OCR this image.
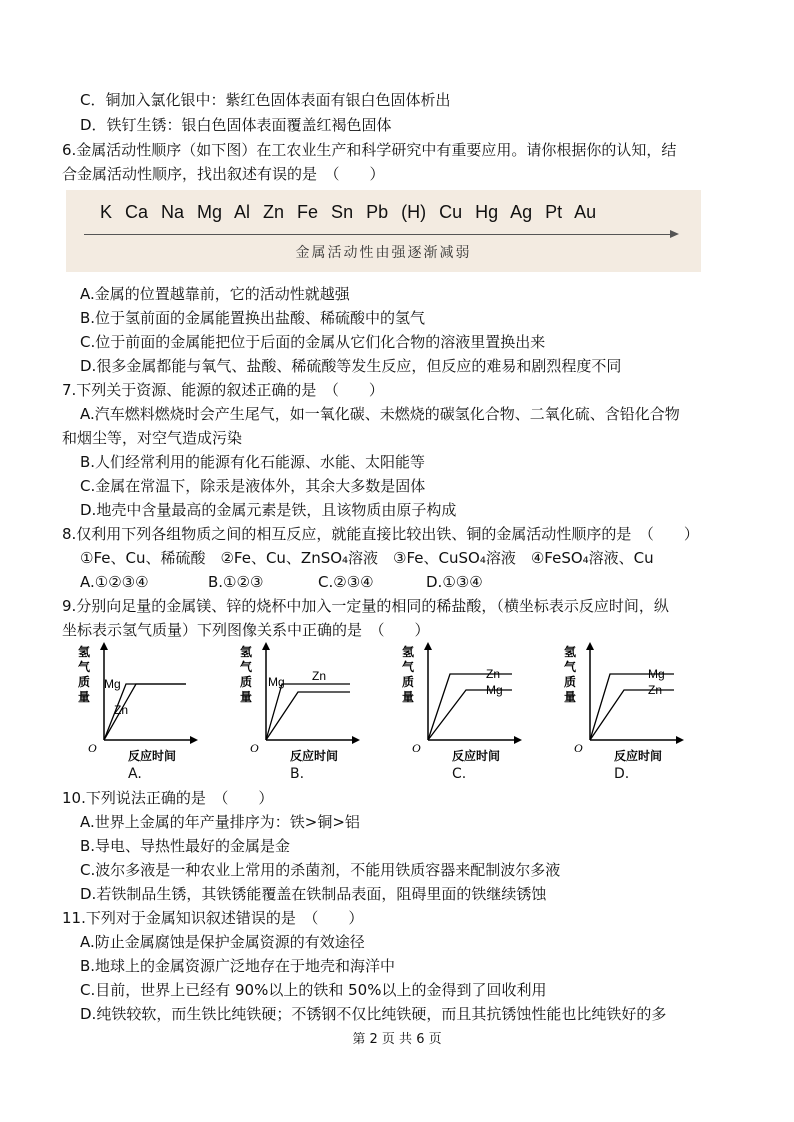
C．铜加入氯化银中：紫红色固体表面有银白色固体析出
D．铁钉生锈：银白色固体表面覆盖红褐色固体
6.金属活动性顺序（如下图）在工农业生产和科学研究中有重要应用。请你根据你的认知，结
合金属活动性顺序，找出叙述有误的是　（　　）
K Ca Na Mg Al Zn Fe Sn Pb (H) Cu Hg Ag Pt Au
金属活动性由强逐渐减弱
A.金属的位置越靠前，它的活动性就越强
B.位于氢前面的金属能置换出盐酸、稀硫酸中的氢气
C.位于前面的金属能把位于后面的金属从它们化合物的溶液里置换出来
D.很多金属都能与氧气、盐酸、稀硫酸等发生反应，但反应的难易和剧烈程度不同
7.下列关于资源、能源的叙述正确的是　（　　）
A.汽车燃料燃烧时会产生尾气，如一氧化碳、未燃烧的碳氢化合物、二氧化硫、含铅化合物
和烟尘等，对空气造成污染
B.人们经常利用的能源有化石能源、水能、太阳能等
C.金属在常温下，除汞是液体外，其余大多数是固体
D.地壳中含量最高的金属元素是铁，且该物质由原子构成
8.仅利用下列各组物质之间的相互反应，就能直接比较出铁、铜的金属活动性顺序的是　（　　）
①Fe、Cu、稀硫酸　②Fe、Cu、ZnSO₄溶液　③Fe、CuSO₄溶液　④FeSO₄溶液、Cu
A.①②③④	B.①②③	C.②③④	D.①③④
9.分别向足量的金属镁、锌的烧杯中加入一定量的相同的稀盐酸，（横坐标表示反应时间，纵
坐标表示氢气质量）下列图像关系中正确的是　（　　）
Mg
Zn
O
氢
气
质
量
反应时间
A.
Mg Zn
O
氢
气
质
量
反应时间
B.
Zn
Mg
O
氢
气
质
量
反应时间
C.
Mg
Zn
O
氢
气
质
量
反应时间
D.
10.下列说法正确的是　（　　）
A.世界上金属的年产量排序为：铁>铜>铝
B.导电、导热性最好的金属是金
C.波尔多液是一种农业上常用的杀菌剂，不能用铁质容器来配制波尔多液
D.若铁制品生锈，其铁锈能覆盖在铁制品表面，阻碍里面的铁继续锈蚀
11.下列对于金属知识叙述错误的是　（　　）
A.防止金属腐蚀是保护金属资源的有效途径
B.地球上的金属资源广泛地存在于地壳和海洋中
C.目前，世界上已经有 90%以上的铁和 50%以上的金得到了回收利用
D.纯铁较软，而生铁比纯铁硬；不锈钢不仅比纯铁硬，而且其抗锈蚀性能也比纯铁好的多
第 2 页 共 6 页
